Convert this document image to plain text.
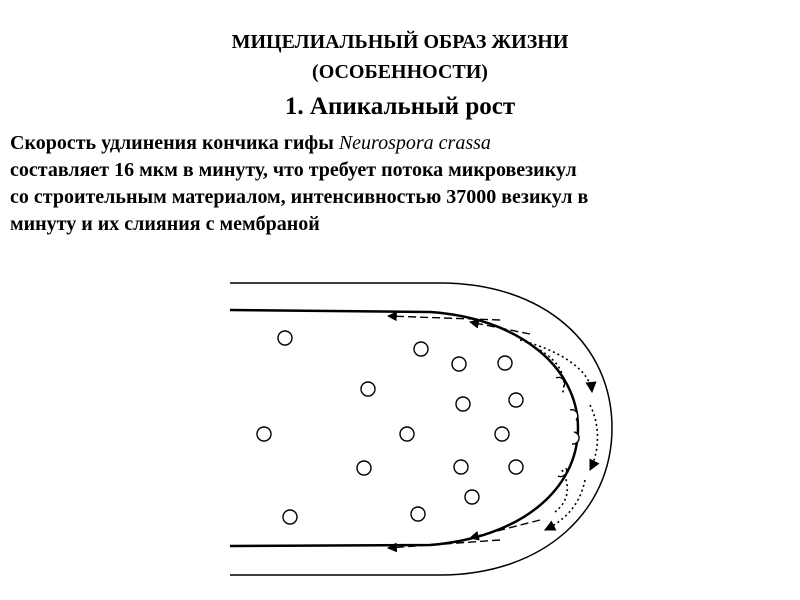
МИЦЕЛИАЛЬНЫЙ ОБРАЗ ЖИЗНИ
(ОСОБЕННОСТИ)
1. Апикальный рост
Скорость удлинения кончика гифы Neurospora crassa
составляет 16 мкм в минуту, что требует потока микровезикул
со строительным материалом, интенсивностью 37000 везикул в
минуту и их слияния с мембраной
